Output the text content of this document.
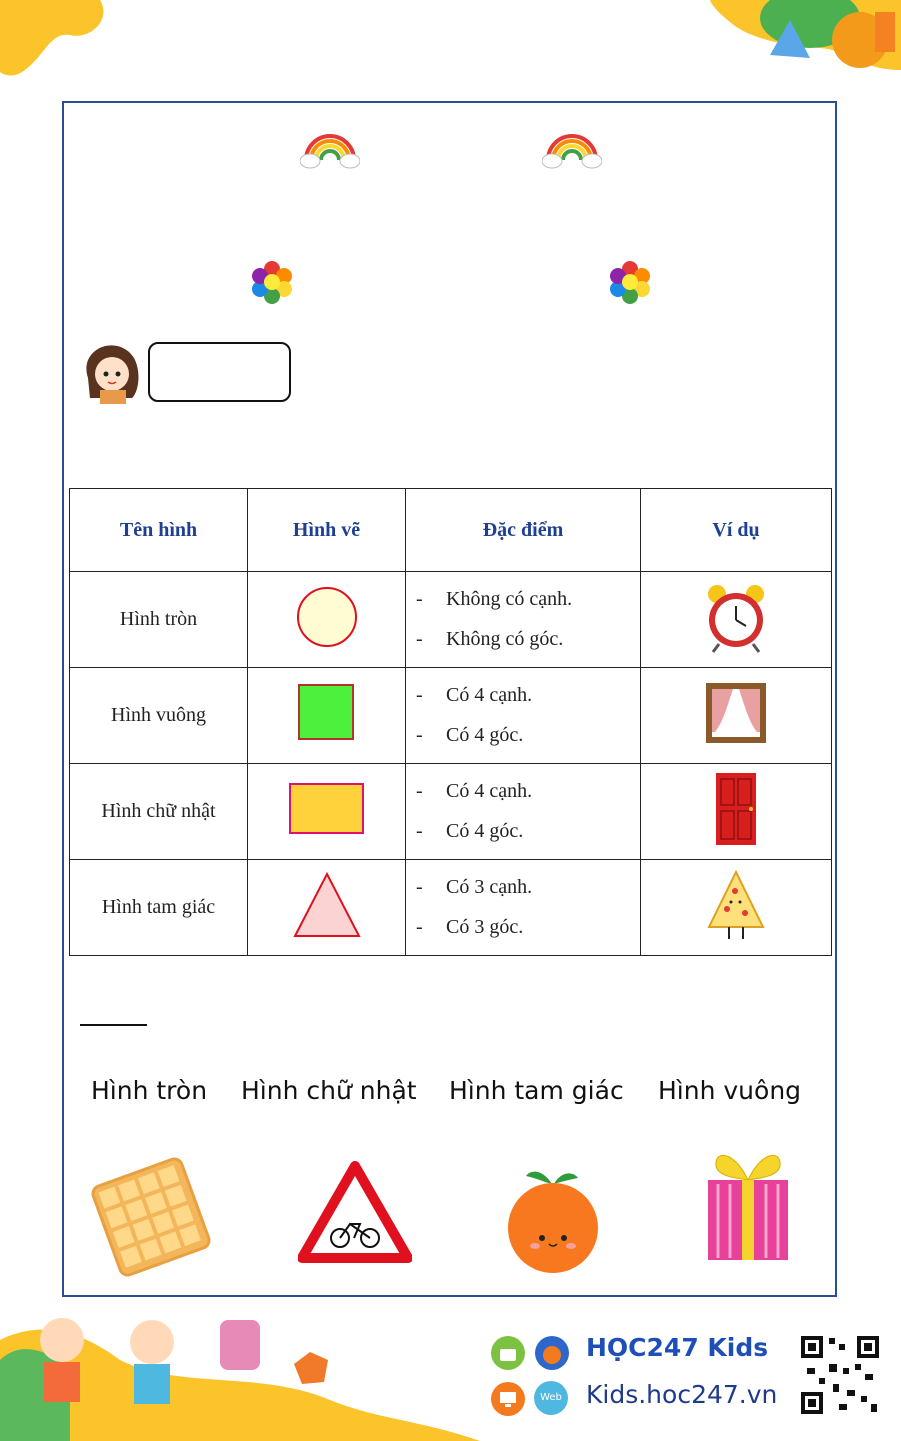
Tên hình	Hình vẽ	Đặc điểm	Ví dụ
Hình tròn		- Không có cạnh.
- Không có góc.

Hình vuông		- Có 4 cạnh.
- Có 4 góc.

Hình chữ nhật		- Có 4 cạnh.
- Có 4 góc.

Hình tam giác		- Có 3 cạnh.
- Có 3 góc.

Hình tròn Hình chữ nhật Hình tam giác Hình vuông
Web
HỌC247 Kids
Kids.hoc247.vn
